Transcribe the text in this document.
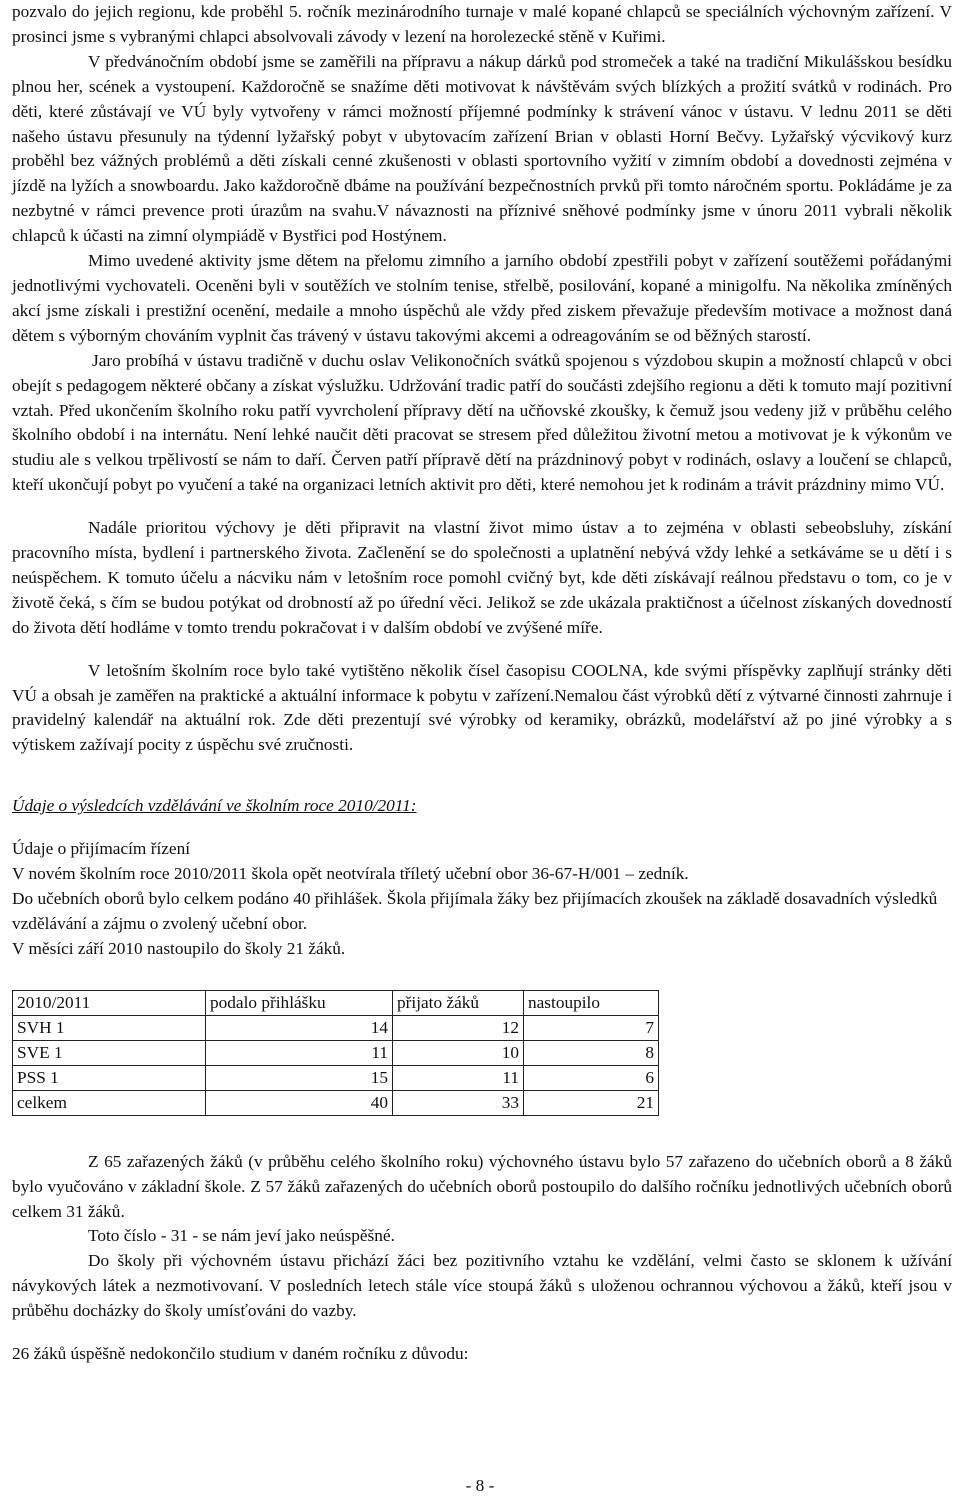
pozvalo do jejich regionu, kde proběhl 5. ročník mezinárodního turnaje v malé kopané chlapců se speciálních výchovným zařízení. V prosinci jsme s vybranými chlapci absolvovali závody v lezení na horolezecké stěně v Kuřimi.

V předvánočním období jsme se zaměřili na přípravu a nákup dárků pod stromeček a také na tradiční Mikulášskou besídku plnou her, scének a vystoupení. Každoročně se snažíme děti motivovat k návštěvám svých blízkých a prožití svátků v rodinách. Pro děti, které zůstávají ve VÚ byly vytvořeny v rámci možností příjemné podmínky k strávení vánoc v ústavu. V lednu 2011 se děti našeho ústavu přesunuly na týdenní lyžařský pobyt v ubytovacím zařízení Brian v oblasti Horní Bečvy. Lyžařský výcvikový kurz proběhl bez vážných problémů a děti získali cenné zkušenosti v oblasti sportovního vyžití v zimním období a dovednosti zejména v jízdě na lyžích a snowboardu. Jako každoročně dbáme na používání bezpečnostních prvků při tomto náročném sportu. Pokládáme je za nezbytné v rámci prevence proti úrazům na svahu.V návaznosti na příznivé sněhové podmínky jsme v únoru 2011 vybrali několik chlapců k účasti na zimní olympiádě v Bystřici pod Hostýnem.

Mimo uvedené aktivity jsme dětem na přelomu zimního a jarního období zpestřili pobyt v zařízení soutěžemi pořádanými jednotlivými vychovateli. Oceněni byli v soutěžích ve stolním tenise, střelbě, posilování, kopané a minigolfu. Na několika zmíněných akcí jsme získali i prestižní ocenění, medaile a mnoho úspěchů ale vždy před ziskem převažuje především motivace a možnost daná dětem s výborným chováním vyplnit čas trávený v ústavu takovými akcemi a odreagováním se od běžných starostí.

Jaro probíhá v ústavu tradičně v duchu oslav Velikonočních svátků spojenou s výzdobou skupin a možností chlapců v obci obejít s pedagogem některé občany a získat výslužku. Udržování tradic patří do součásti zdejšího regionu a děti k tomuto mají pozitivní vztah. Před ukončením školního roku patří vyvrcholení přípravy dětí na učňovské zkoušky, k čemuž jsou vedeny již v průběhu celého školního období i na internátu. Není lehké naučit děti pracovat se stresem před důležitou životní metou a motivovat je k výkonům ve studiu ale s velkou trpělivostí se nám to daří. Červen patří přípravě dětí na prázdninový pobyt v rodinách, oslavy a loučení se chlapců, kteří ukončují pobyt po vyučení a také na organizaci letních aktivit pro děti, které nemohou jet k rodinám a trávit prázdniny mimo VÚ.

Nadále prioritou výchovy je děti připravit na vlastní život mimo ústav a to zejména v oblasti sebeobsluhy, získání pracovního místa, bydlení i partnerského života. Začlenění se do společnosti a uplatnění nebývá vždy lehké a setkáváme se u dětí i s neúspěchem. K tomuto účelu a nácviku nám v letošním roce pomohl cvičný byt, kde děti získávají reálnou představu o tom, co je v životě čeká, s čím se budou potýkat od drobností až po úřední věci. Jelikož se zde ukázala praktičnost a účelnost získaných dovedností do života dětí hodláme v tomto trendu pokračovat i v dalším období ve zvýšené míře.

V letošním školním roce bylo také vytištěno několik čísel časopisu COOLNA, kde svými příspěvky zaplňují stránky děti VÚ a obsah je zaměřen na praktické a aktuální informace k pobytu v zařízení.Nemalou část výrobků dětí z výtvarné činnosti zahrnuje i pravidelný kalendář na aktuální rok. Zde děti prezentují své výrobky od keramiky, obrázků, modelářství až po jiné výrobky a s výtiskem zažívají pocity z úspěchu své zručnosti.

Údaje o výsledcích vzdělávání ve školním roce 2010/2011:

Údaje o přijímacím řízení

V novém školním roce 2010/2011 škola opět neotvírala tříletý učební obor 36-67-H/001 – zedník.

Do učebních oborů bylo celkem podáno 40 přihlášek. Škola přijímala žáky bez přijímacích zkoušek na základě dosavadních výsledků vzdělávání a zájmu o zvolený učební obor.

V měsíci září 2010 nastoupilo do školy 21 žáků.

2010/2011	podalo přihlášku	přijato žáků	nastoupilo
SVH 1	14	12	7
SVE 1	11	10	8
PSS 1	15	11	6
celkem	40	33	21

Z 65 zařazených žáků (v průběhu celého školního roku) výchovného ústavu bylo 57 zařazeno do učebních oborů a 8 žáků bylo vyučováno v základní škole. Z 57 žáků zařazených do učebních oborů postoupilo do dalšího ročníku jednotlivých učebních oborů celkem 31 žáků.

Toto číslo - 31 - se nám jeví jako neúspěšné.

Do školy při výchovném ústavu přichází žáci bez pozitivního vztahu ke vzdělání, velmi často se sklonem k užívání návykových látek a nezmotivovaní. V posledních letech stále více stoupá žáků s uloženou ochrannou výchovou a žáků, kteří jsou v průběhu docházky do školy umísťováni do vazby.

26 žáků úspěšně nedokončilo studium v daném ročníku z důvodu:

- 8 -
